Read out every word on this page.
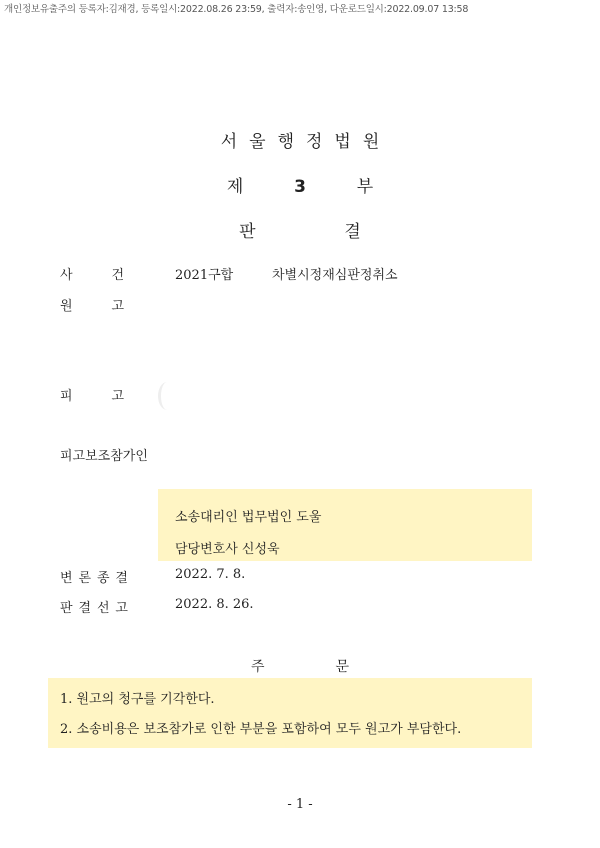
개인정보유출주의 등록자:김재경, 등록일시:2022.08.26 23:59, 출력자:송인영, 다운로드일시:2022.09.07 13:58
서울행정법원
제	3	부
판	결
사	건	2021구합	차별시정재심판정취소
원	고
피	고
피고보조참가인
소송대리인 법무법인 도울
담당변호사 신성욱
변 론 종 결	2022. 7. 8.
판 결 선 고	2022. 8. 26.
주	문
1. 원고의 청구를 기각한다.
2. 소송비용은 보조참가로 인한 부분을 포함하여 모두 원고가 부담한다.
- 1 -
